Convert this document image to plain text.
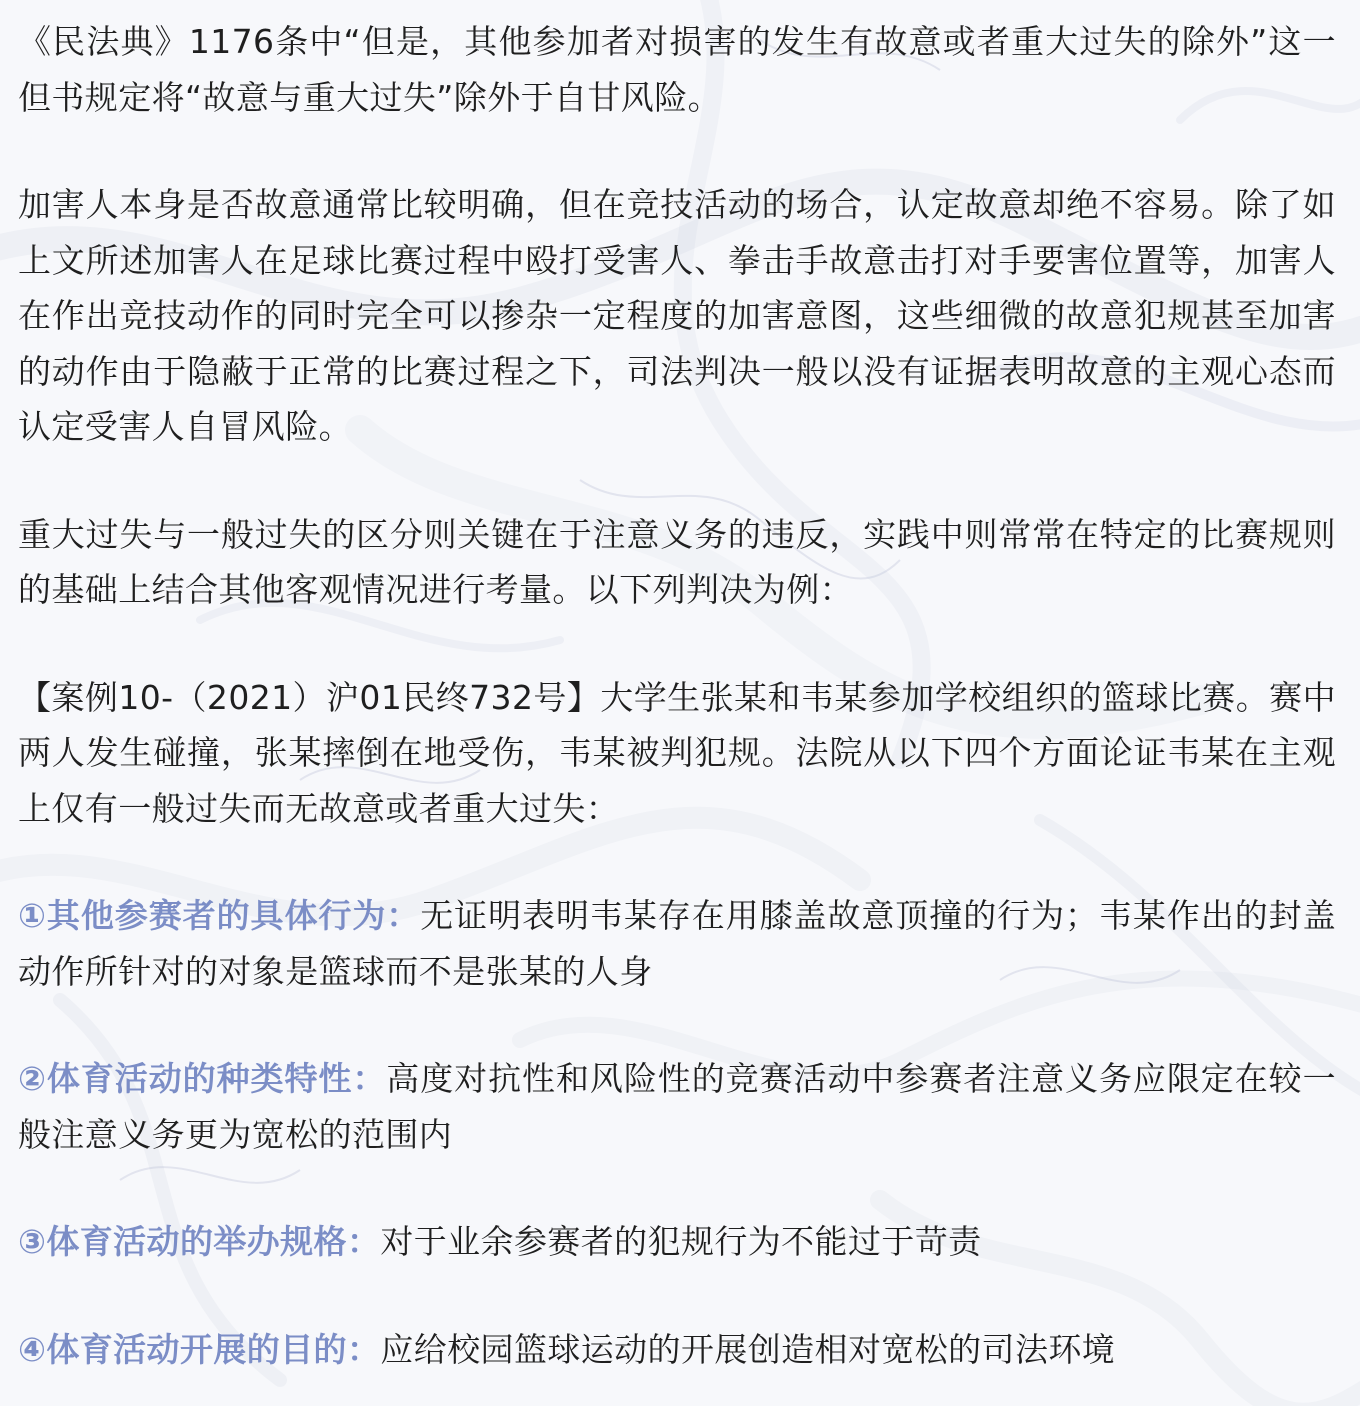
《民法典》1176条中“但是，其他参加者对损害的发生有故意或者重大过失的除外”这一但书规定将“故意与重大过失”除外于自甘风险。

加害人本身是否故意通常比较明确，但在竞技活动的场合，认定故意却绝不容易。除了如上文所述加害人在足球比赛过程中殴打受害人、拳击手故意击打对手要害位置等，加害人在作出竞技动作的同时完全可以掺杂一定程度的加害意图，这些细微的故意犯规甚至加害的动作由于隐蔽于正常的比赛过程之下，司法判决一般以没有证据表明故意的主观心态而认定受害人自冒风险。

重大过失与一般过失的区分则关键在于注意义务的违反，实践中则常常在特定的比赛规则的基础上结合其他客观情况进行考量。以下列判决为例：

【案例10-（2021）沪01民终732号】大学生张某和韦某参加学校组织的篮球比赛。赛中两人发生碰撞，张某摔倒在地受伤，韦某被判犯规。法院从以下四个方面论证韦某在主观上仅有一般过失而无故意或者重大过失：

①其他参赛者的具体行为：无证明表明韦某存在用膝盖故意顶撞的行为；韦某作出的封盖动作所针对的对象是篮球而不是张某的人身

②体育活动的种类特性：高度对抗性和风险性的竞赛活动中参赛者注意义务应限定在较一般注意义务更为宽松的范围内

③体育活动的举办规格：对于业余参赛者的犯规行为不能过于苛责

④体育活动开展的目的：应给校园篮球运动的开展创造相对宽松的司法环境
